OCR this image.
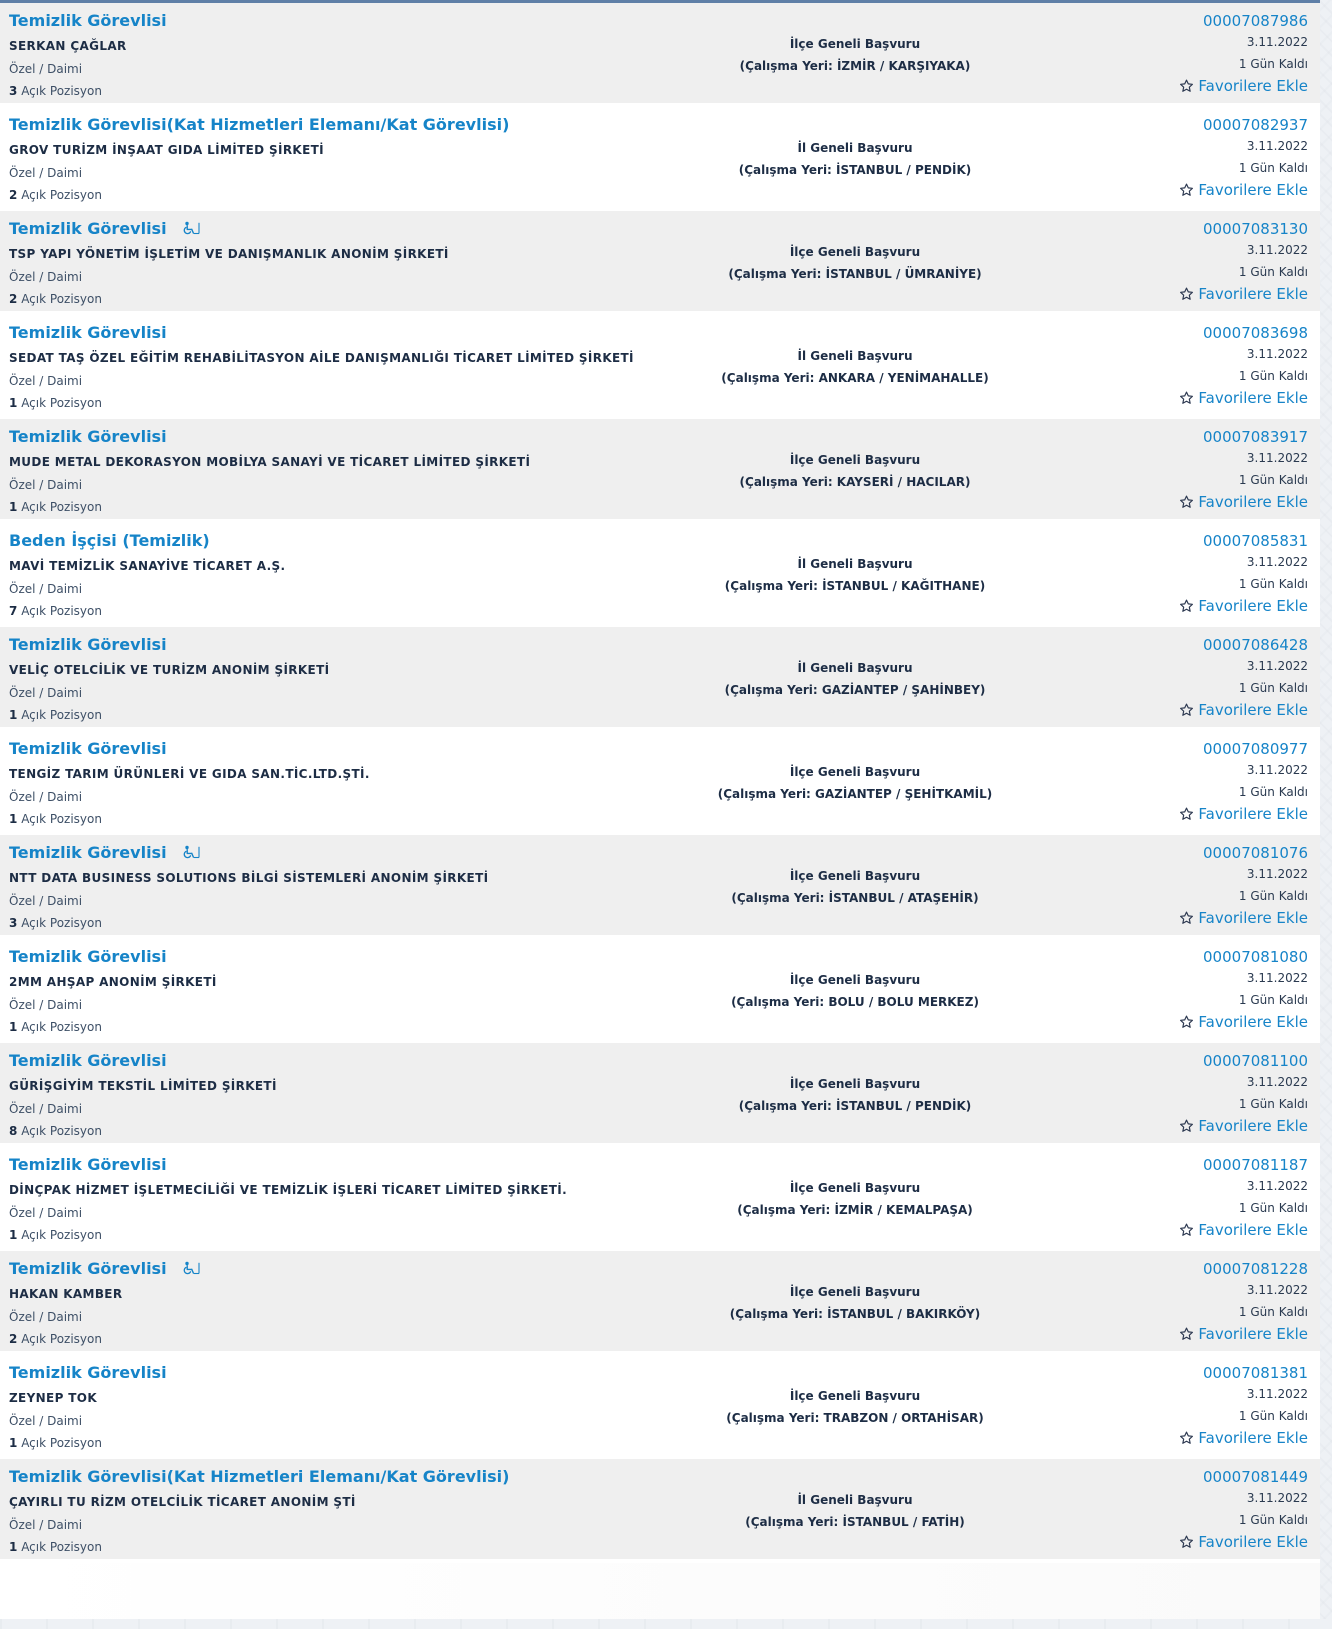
Temizlik Görevlisi
SERKAN ÇAĞLAR
Özel / Daimi
3 Açık Pozisyon
İlçe Geneli Başvuru
(Çalışma Yeri: İZMİR / KARŞIYAKA)
00007087986
3.11.2022
1 Gün Kaldı
Favorilere Ekle
Temizlik Görevlisi(Kat Hizmetleri Elemanı/Kat Görevlisi)
GROV TURİZM İNŞAAT GIDA LİMİTED ŞİRKETİ
Özel / Daimi
2 Açık Pozisyon
İl Geneli Başvuru
(Çalışma Yeri: İSTANBUL / PENDİK)
00007082937
3.11.2022
1 Gün Kaldı
Favorilere Ekle
Temizlik Görevlisi
TSP YAPI YÖNETİM İŞLETİM VE DANIŞMANLIK ANONİM ŞİRKETİ
Özel / Daimi
2 Açık Pozisyon
İlçe Geneli Başvuru
(Çalışma Yeri: İSTANBUL / ÜMRANİYE)
00007083130
3.11.2022
1 Gün Kaldı
Favorilere Ekle
Temizlik Görevlisi
SEDAT TAŞ ÖZEL EĞİTİM REHABİLİTASYON AİLE DANIŞMANLIĞI TİCARET LİMİTED ŞİRKETİ
Özel / Daimi
1 Açık Pozisyon
İl Geneli Başvuru
(Çalışma Yeri: ANKARA / YENİMAHALLE)
00007083698
3.11.2022
1 Gün Kaldı
Favorilere Ekle
Temizlik Görevlisi
MUDE METAL DEKORASYON MOBİLYA SANAYİ VE TİCARET LİMİTED ŞİRKETİ
Özel / Daimi
1 Açık Pozisyon
İlçe Geneli Başvuru
(Çalışma Yeri: KAYSERİ / HACILAR)
00007083917
3.11.2022
1 Gün Kaldı
Favorilere Ekle
Beden İşçisi (Temizlik)
MAVİ TEMİZLİK SANAYİVE TİCARET A.Ş.
Özel / Daimi
7 Açık Pozisyon
İl Geneli Başvuru
(Çalışma Yeri: İSTANBUL / KAĞITHANE)
00007085831
3.11.2022
1 Gün Kaldı
Favorilere Ekle
Temizlik Görevlisi
VELİÇ OTELCİLİK VE TURİZM ANONİM ŞİRKETİ
Özel / Daimi
1 Açık Pozisyon
İl Geneli Başvuru
(Çalışma Yeri: GAZİANTEP / ŞAHİNBEY)
00007086428
3.11.2022
1 Gün Kaldı
Favorilere Ekle
Temizlik Görevlisi
TENGİZ TARIM ÜRÜNLERİ VE GIDA SAN.TİC.LTD.ŞTİ.
Özel / Daimi
1 Açık Pozisyon
İlçe Geneli Başvuru
(Çalışma Yeri: GAZİANTEP / ŞEHİTKAMİL)
00007080977
3.11.2022
1 Gün Kaldı
Favorilere Ekle
Temizlik Görevlisi
NTT DATA BUSINESS SOLUTIONS BİLGİ SİSTEMLERİ ANONİM ŞİRKETİ
Özel / Daimi
3 Açık Pozisyon
İlçe Geneli Başvuru
(Çalışma Yeri: İSTANBUL / ATAŞEHİR)
00007081076
3.11.2022
1 Gün Kaldı
Favorilere Ekle
Temizlik Görevlisi
2MM AHŞAP ANONİM ŞİRKETİ
Özel / Daimi
1 Açık Pozisyon
İlçe Geneli Başvuru
(Çalışma Yeri: BOLU / BOLU MERKEZ)
00007081080
3.11.2022
1 Gün Kaldı
Favorilere Ekle
Temizlik Görevlisi
GÜRİŞGİYİM TEKSTİL LİMİTED ŞİRKETİ
Özel / Daimi
8 Açık Pozisyon
İlçe Geneli Başvuru
(Çalışma Yeri: İSTANBUL / PENDİK)
00007081100
3.11.2022
1 Gün Kaldı
Favorilere Ekle
Temizlik Görevlisi
DİNÇPAK HİZMET İŞLETMECİLİĞİ VE TEMİZLİK İŞLERİ TİCARET LİMİTED ŞİRKETİ.
Özel / Daimi
1 Açık Pozisyon
İlçe Geneli Başvuru
(Çalışma Yeri: İZMİR / KEMALPAŞA)
00007081187
3.11.2022
1 Gün Kaldı
Favorilere Ekle
Temizlik Görevlisi
HAKAN KAMBER
Özel / Daimi
2 Açık Pozisyon
İlçe Geneli Başvuru
(Çalışma Yeri: İSTANBUL / BAKIRKÖY)
00007081228
3.11.2022
1 Gün Kaldı
Favorilere Ekle
Temizlik Görevlisi
ZEYNEP TOK
Özel / Daimi
1 Açık Pozisyon
İlçe Geneli Başvuru
(Çalışma Yeri: TRABZON / ORTAHİSAR)
00007081381
3.11.2022
1 Gün Kaldı
Favorilere Ekle
Temizlik Görevlisi(Kat Hizmetleri Elemanı/Kat Görevlisi)
ÇAYIRLI TU RİZM OTELCİLİK TİCARET ANONİM ŞTİ
Özel / Daimi
1 Açık Pozisyon
İl Geneli Başvuru
(Çalışma Yeri: İSTANBUL / FATİH)
00007081449
3.11.2022
1 Gün Kaldı
Favorilere Ekle
